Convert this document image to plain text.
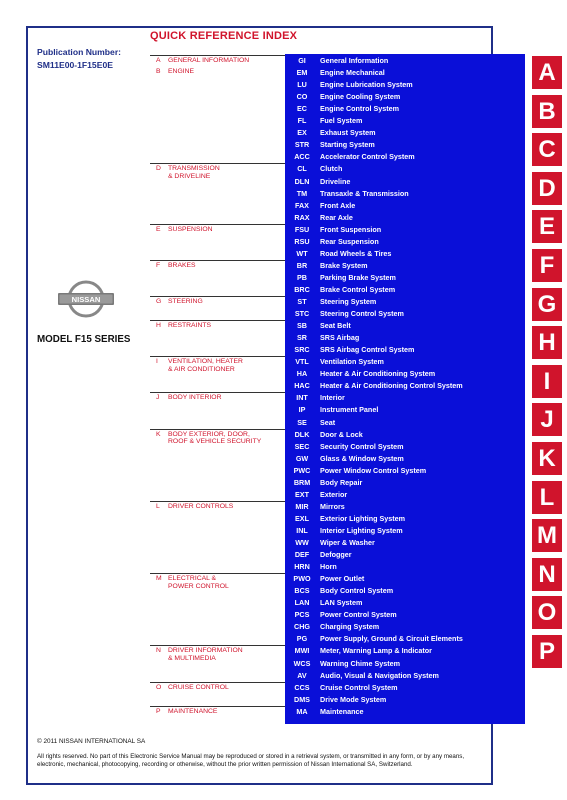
QUICK REFERENCE INDEX
Publication Number:
SM11E00-1F15E0E
NISSAN
MODEL F15 SERIES
A GENERAL INFORMATION
B ENGINE
D TRANSMISSION
& DRIVELINE
E SUSPENSION
F BRAKES
G STEERING
H RESTRAINTS
I VENTILATION, HEATER
& AIR CONDITIONER
J BODY INTERIOR
K BODY EXTERIOR, DOOR,
ROOF & VEHICLE SECURITY
L DRIVER CONTROLS
M ELECTRICAL &
POWER CONTROL
N DRIVER INFORMATION
& MULTIMEDIA
O CRUISE CONTROL
P MAINTENANCE
GI	General Information
EM	Engine Mechanical
LU	Engine Lubrication System
CO	Engine Cooling System
EC	Engine Control System
FL	Fuel System
EX	Exhaust System
STR	Starting System
ACC	Accelerator Control System
CL	Clutch
DLN	Driveline
TM	Transaxle & Transmission
FAX	Front Axle
RAX	Rear Axle
FSU	Front Suspension
RSU	Rear Suspension
WT	Road Wheels & Tires
BR	Brake System
PB	Parking Brake System
BRC	Brake Control System
ST	Steering System
STC	Steering Control System
SB	Seat Belt
SR	SRS Airbag
SRC	SRS Airbag Control System
VTL	Ventilation System
HA	Heater & Air Conditioning System
HAC	Heater & Air Conditioning Control System
INT	Interior
IP	Instrument Panel
SE	Seat
DLK	Door & Lock
SEC	Security Control System
GW	Glass & Window System
PWC	Power Window Control System
BRM	Body Repair
EXT	Exterior
MIR	Mirrors
EXL	Exterior Lighting System
INL	Interior Lighting System
WW	Wiper & Washer
DEF	Defogger
HRN	Horn
PWO	Power Outlet
BCS	Body Control System
LAN	LAN System
PCS	Power Control System
CHG	Charging System
PG	Power Supply, Ground & Circuit Elements
MWI	Meter, Warning Lamp & Indicator
WCS	Warning Chime System
AV	Audio, Visual & Navigation System
CCS	Cruise Control System
DMS	Drive Mode System
MA	Maintenance
A
B
C
D
E
F
G
H
I
J
K
L
M
N
O
P
© 2011 NISSAN INTERNATIONAL SA
All rights reserved. No part of this Electronic Service Manual may be reproduced or stored in a retrieval system, or transmitted in any form, or by any means, electronic, mechanical, photocopying, recording or otherwise, without the prior written permission of Nissan International SA, Switzerland.
